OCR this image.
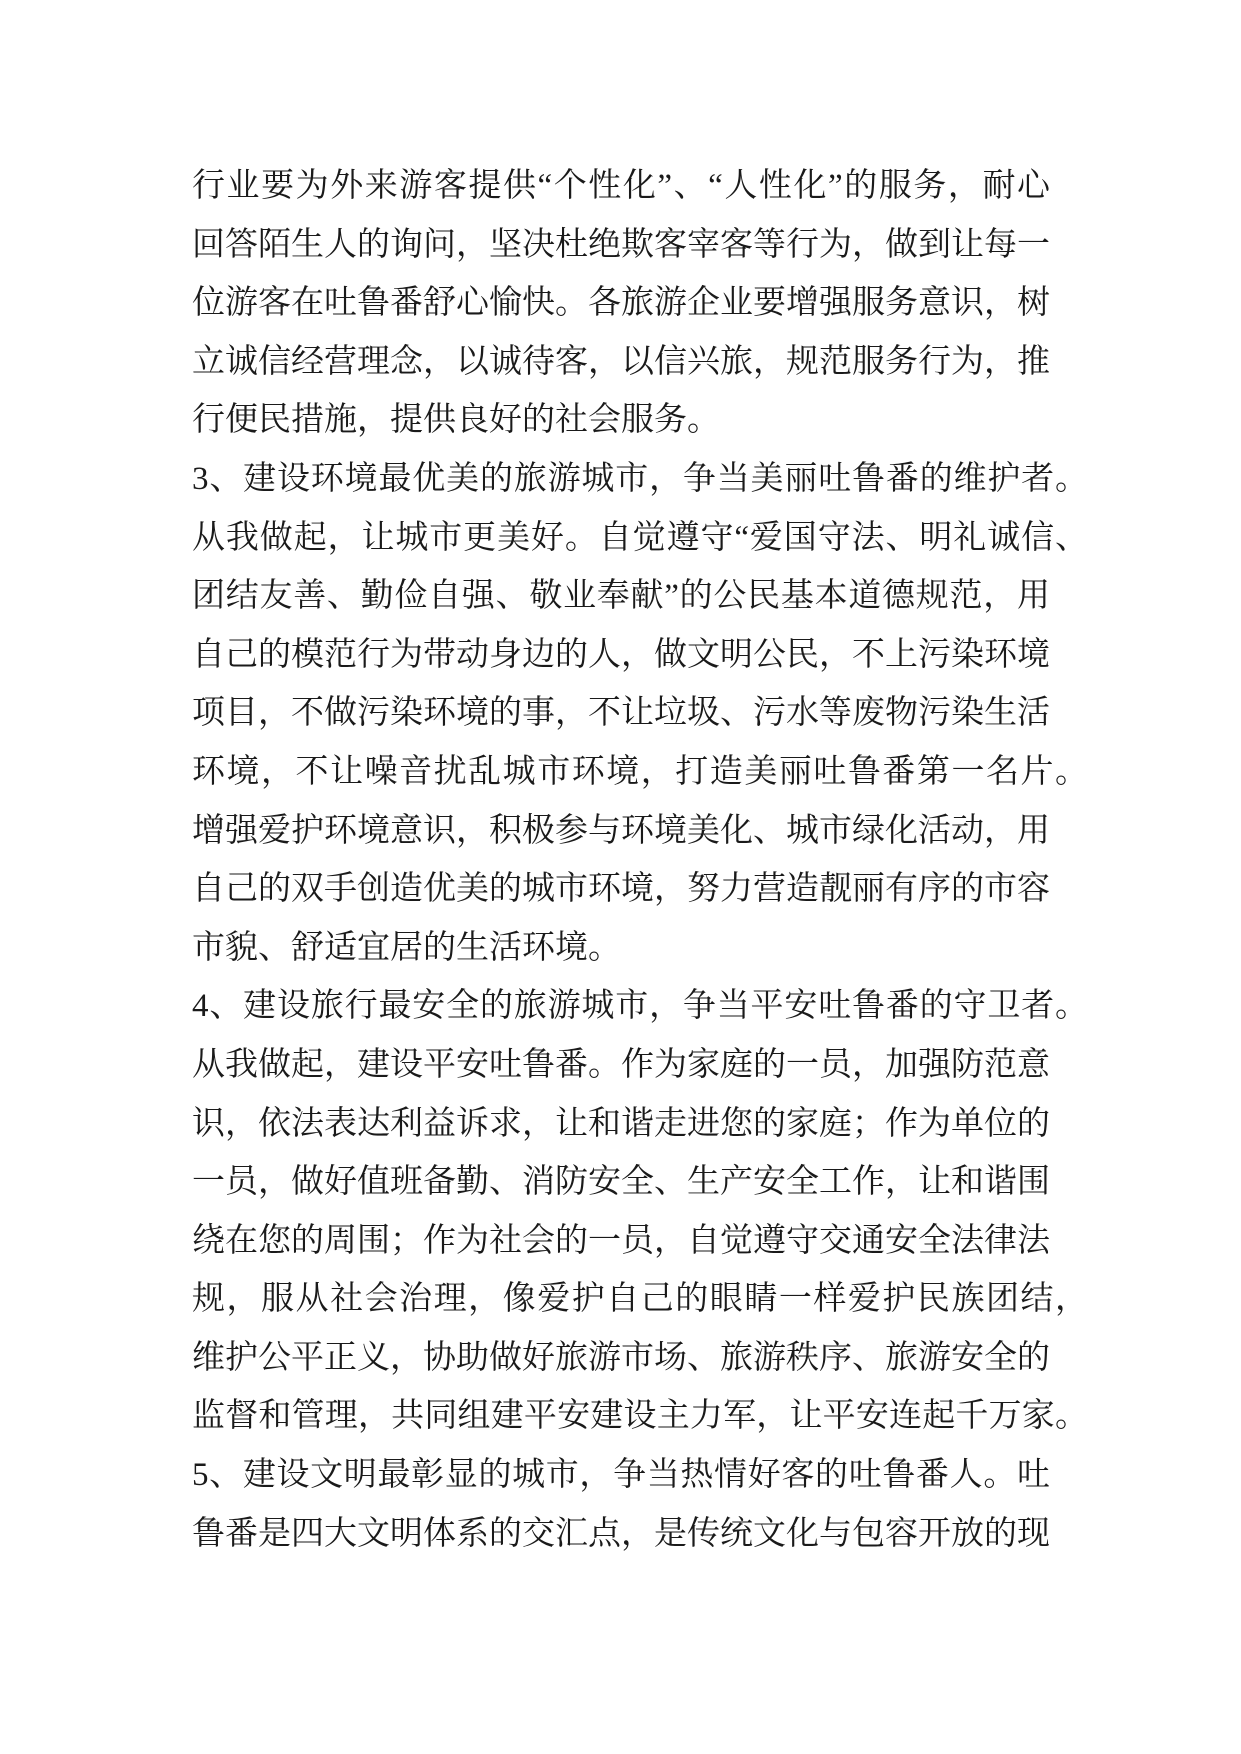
行业要为外来游客提供“个性化”、“人性化”的服务，耐心
回答陌生人的询问，坚决杜绝欺客宰客等行为，做到让每一
位游客在吐鲁番舒心愉快。各旅游企业要增强服务意识，树
立诚信经营理念，以诚待客，以信兴旅，规范服务行为，推
行便民措施，提供良好的社会服务。
3、建设环境最优美的旅游城市，争当美丽吐鲁番的维护者。
从我做起，让城市更美好。自觉遵守“爱国守法、明礼诚信、
团结友善、勤俭自强、敬业奉献”的公民基本道德规范，用
自己的模范行为带动身边的人，做文明公民，不上污染环境
项目，不做污染环境的事，不让垃圾、污水等废物污染生活
环境，不让噪音扰乱城市环境，打造美丽吐鲁番第一名片。
增强爱护环境意识，积极参与环境美化、城市绿化活动，用
自己的双手创造优美的城市环境，努力营造靓丽有序的市容
市貌、舒适宜居的生活环境。
4、建设旅行最安全的旅游城市，争当平安吐鲁番的守卫者。
从我做起，建设平安吐鲁番。作为家庭的一员，加强防范意
识，依法表达利益诉求，让和谐走进您的家庭；作为单位的
一员，做好值班备勤、消防安全、生产安全工作，让和谐围
绕在您的周围；作为社会的一员，自觉遵守交通安全法律法
规，服从社会治理，像爱护自己的眼睛一样爱护民族团结，
维护公平正义，协助做好旅游市场、旅游秩序、旅游安全的
监督和管理，共同组建平安建设主力军，让平安连起千万家。
5、建设文明最彰显的城市，争当热情好客的吐鲁番人。吐
鲁番是四大文明体系的交汇点，是传统文化与包容开放的现
